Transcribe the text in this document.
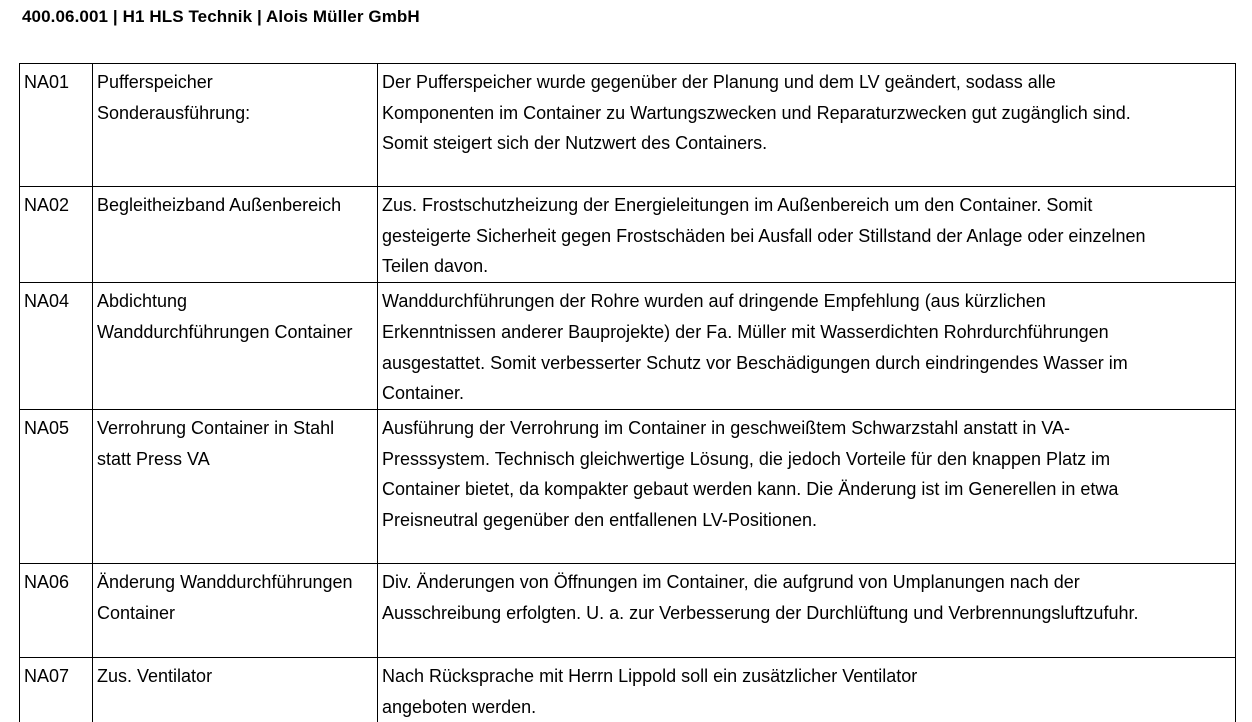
400.06.001 | H1 HLS Technik | Alois Müller GmbH
NA01	Pufferspeicher
Sonderausführung:	Der Pufferspeicher wurde gegenüber der Planung und dem LV geändert, sodass alle
Komponenten im Container zu Wartungszwecken und Reparaturzwecken gut zugänglich sind.
Somit steigert sich der Nutzwert des Containers.

NA02	Begleitheizband Außenbereich	Zus. Frostschutzheizung der Energieleitungen im Außenbereich um den Container. Somit
gesteigerte Sicherheit gegen Frostschäden bei Ausfall oder Stillstand der Anlage oder einzelnen
Teilen davon.

NA04	Abdichtung
Wanddurchführungen Container	Wanddurchführungen der Rohre wurden auf dringende Empfehlung (aus kürzlichen
Erkenntnissen anderer Bauprojekte) der Fa. Müller mit Wasserdichten Rohrdurchführungen
ausgestattet. Somit verbesserter Schutz vor Beschädigungen durch eindringendes Wasser im
Container.

NA05	Verrohrung Container in Stahl
statt Press VA	Ausführung der Verrohrung im Container in geschweißtem Schwarzstahl anstatt in VA-
Presssystem. Technisch gleichwertige Lösung, die jedoch Vorteile für den knappen Platz im
Container bietet, da kompakter gebaut werden kann. Die Änderung ist im Generellen in etwa
Preisneutral gegenüber den entfallenen LV-Positionen.

NA06	Änderung Wanddurchführungen
Container	Div. Änderungen von Öffnungen im Container, die aufgrund von Umplanungen nach der
Ausschreibung erfolgten. U. a. zur Verbesserung der Durchlüftung und Verbrennungsluftzufuhr.

NA07	Zus. Ventilator	Nach Rücksprache mit Herrn Lippold soll ein zusätzlicher Ventilator
angeboten werden.
